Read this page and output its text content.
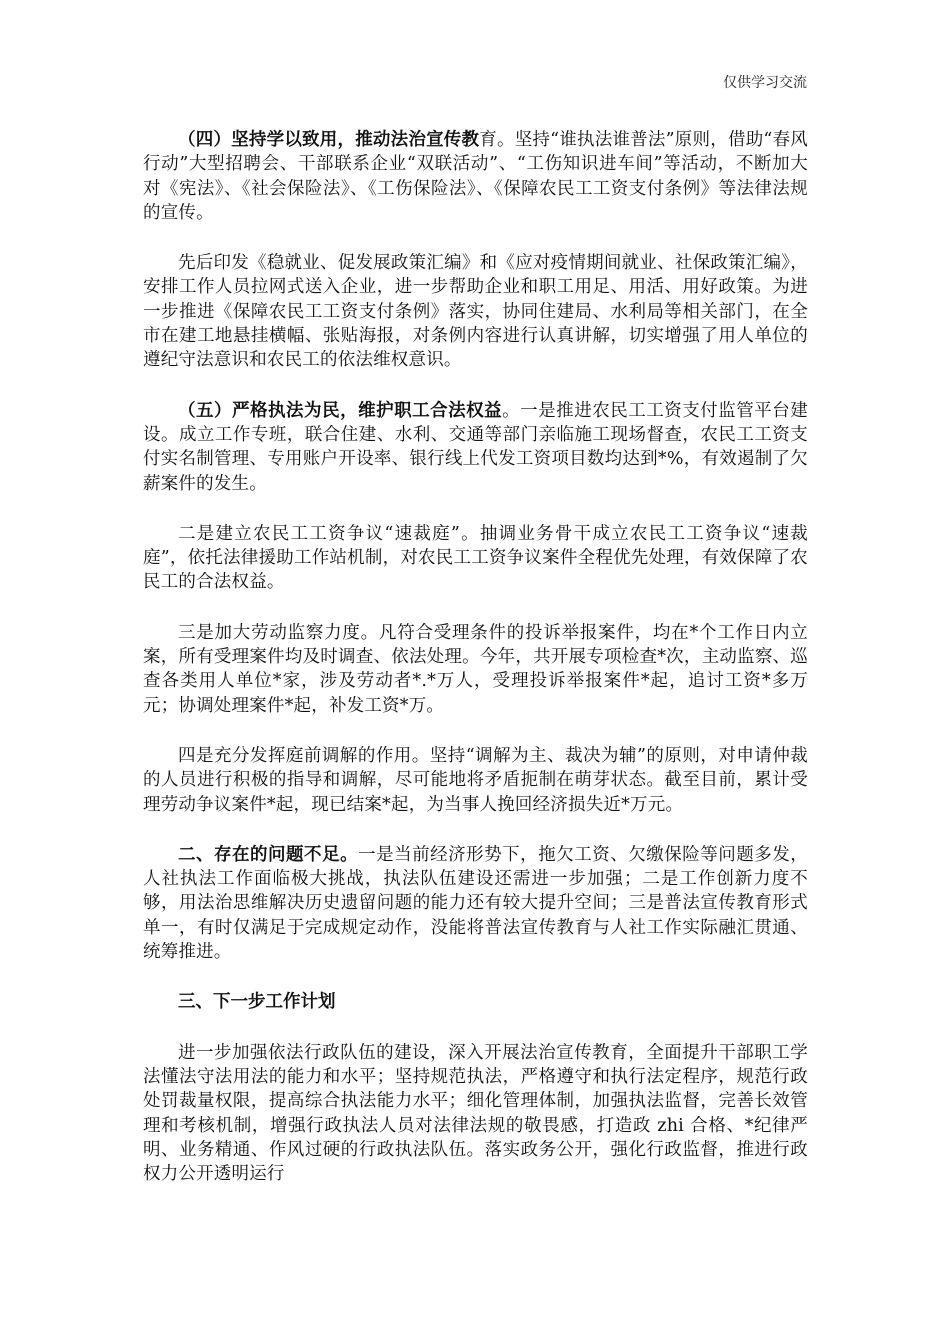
仅供学习交流

（四）坚持学以致用，推动法治宣传教育。坚持“谁执法谁普法”原则，借助“春风行动”大型招聘会、干部联系企业“双联活动”、“工伤知识进车间”等活动，不断加大对《宪法》、《社会保险法》、《工伤保险法》、《保障农民工工资支付条例》等法律法规的宣传。

先后印发《稳就业、促发展政策汇编》和《应对疫情期间就业、社保政策汇编》，安排工作人员拉网式送入企业，进一步帮助企业和职工用足、用活、用好政策。为进一步推进《保障农民工工资支付条例》落实，协同住建局、水利局等相关部门，在全市在建工地悬挂横幅、张贴海报，对条例内容进行认真讲解，切实增强了用人单位的遵纪守法意识和农民工的依法维权意识。

（五）严格执法为民，维护职工合法权益。一是推进农民工工资支付监管平台建设。成立工作专班，联合住建、水利、交通等部门亲临施工现场督查，农民工工资支付实名制管理、专用账户开设率、银行线上代发工资项目数均达到*%，有效遏制了欠薪案件的发生。

二是建立农民工工资争议“速裁庭”。抽调业务骨干成立农民工工资争议“速裁庭”，依托法律援助工作站机制，对农民工工资争议案件全程优先处理，有效保障了农民工的合法权益。

三是加大劳动监察力度。凡符合受理条件的投诉举报案件，均在*个工作日内立案，所有受理案件均及时调查、依法处理。今年，共开展专项检查*次，主动监察、巡查各类用人单位*家，涉及劳动者*.*万人，受理投诉举报案件*起，追讨工资*多万元；协调处理案件*起，补发工资*万。

四是充分发挥庭前调解的作用。坚持“调解为主、裁决为辅”的原则，对申请仲裁的人员进行积极的指导和调解，尽可能地将矛盾扼制在萌芽状态。截至目前，累计受理劳动争议案件*起，现已结案*起，为当事人挽回经济损失近*万元。

二、存在的问题不足。一是当前经济形势下，拖欠工资、欠缴保险等问题多发，人社执法工作面临极大挑战，执法队伍建设还需进一步加强；二是工作创新力度不够，用法治思维解决历史遗留问题的能力还有较大提升空间；三是普法宣传教育形式单一，有时仅满足于完成规定动作，没能将普法宣传教育与人社工作实际融汇贯通、统筹推进。

三、下一步工作计划

进一步加强依法行政队伍的建设，深入开展法治宣传教育，全面提升干部职工学法懂法守法用法的能力和水平；坚持规范执法，严格遵守和执行法定程序，规范行政处罚裁量权限，提高综合执法能力水平；细化管理体制，加强执法监督，完善长效管理和考核机制，增强行政执法人员对法律法规的敬畏感，打造政 zhi 合格、*纪律严明、业务精通、作风过硬的行政执法队伍。落实政务公开，强化行政监督，推进行政权力公开透明运行
